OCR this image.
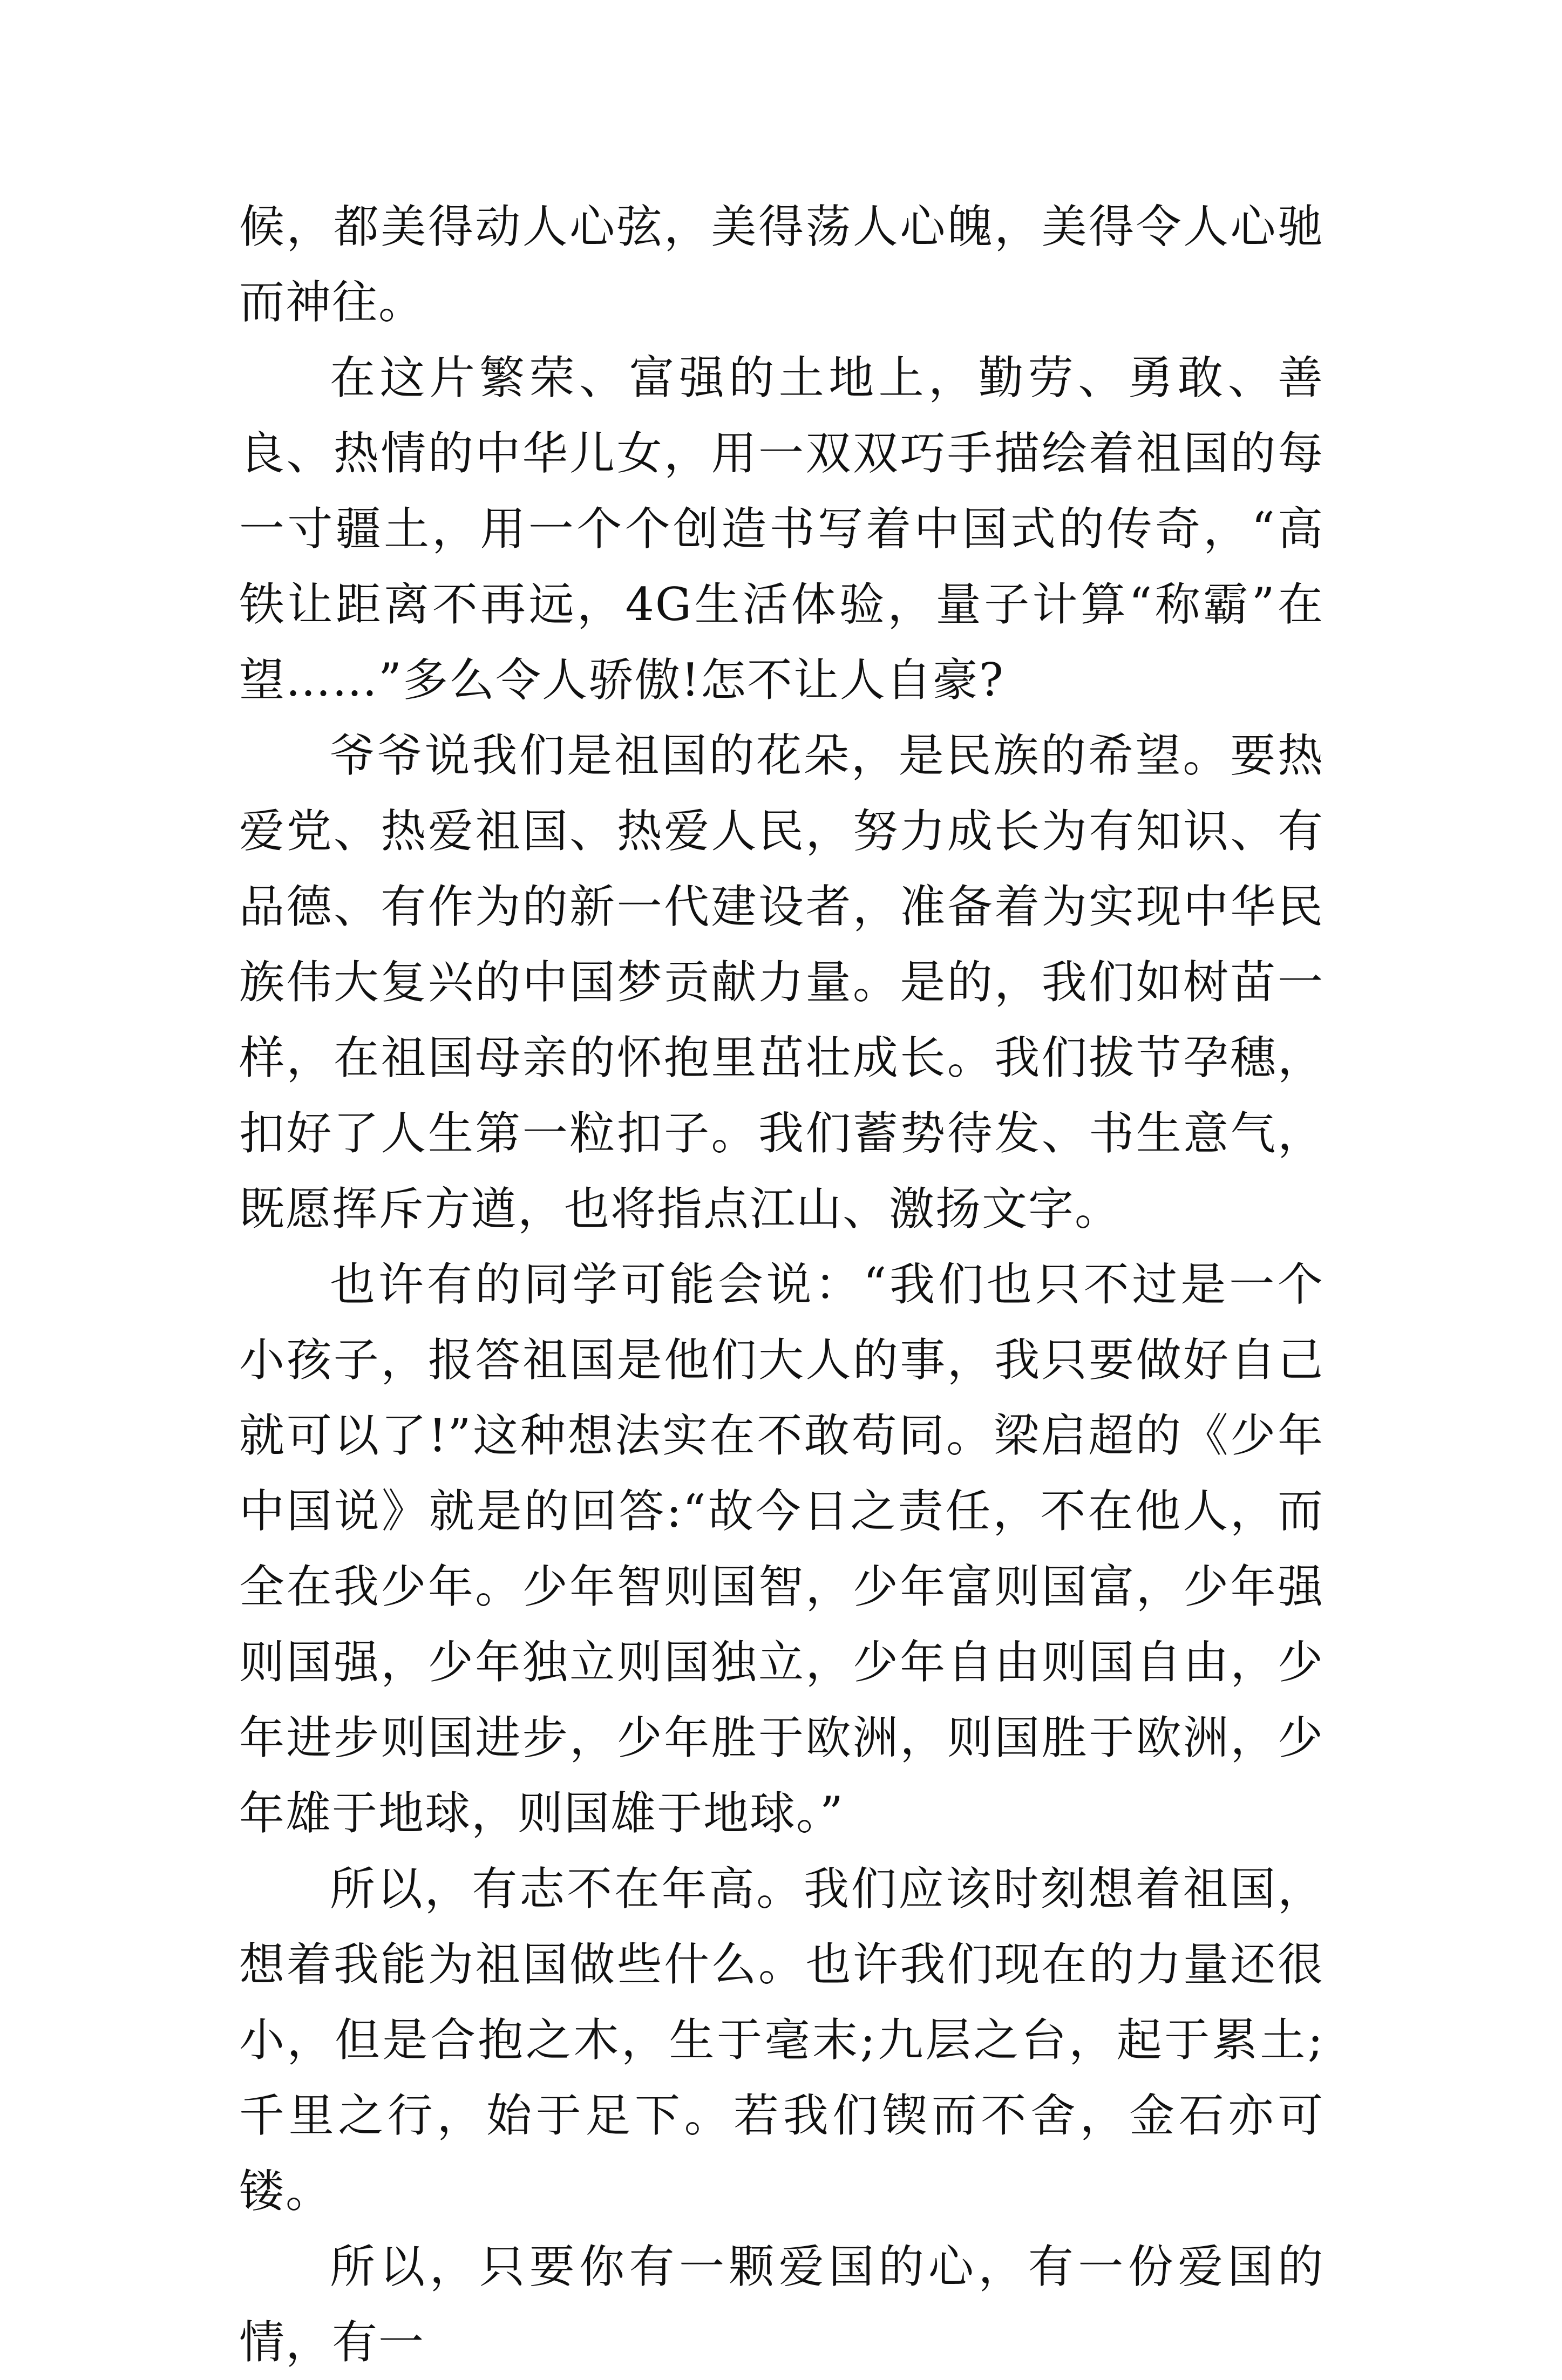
候，都美得动人心弦，美得荡人心魄，美得令人心驰而神往。

在这片繁荣、富强的土地上，勤劳、勇敢、善良、热情的中华儿女，用一双双巧手描绘着祖国的每一寸疆土，用一个个创造书写着中国式的传奇，“高铁让距离不再远，4G生活体验，量子计算“称霸”在望……”多么令人骄傲!怎不让人自豪?

爷爷说我们是祖国的花朵，是民族的希望。要热爱党、热爱祖国、热爱人民，努力成长为有知识、有品德、有作为的新一代建设者，准备着为实现中华民族伟大复兴的中国梦贡献力量。是的，我们如树苗一样，在祖国母亲的怀抱里茁壮成长。我们拔节孕穗，扣好了人生第一粒扣子。我们蓄势待发、书生意气，既愿挥斥方遒，也将指点江山、激扬文字。

也许有的同学可能会说：“我们也只不过是一个小孩子，报答祖国是他们大人的事，我只要做好自己就可以了!”这种想法实在不敢苟同。梁启超的《少年中国说》就是的回答:“故今日之责任，不在他人，而全在我少年。少年智则国智，少年富则国富，少年强则国强，少年独立则国独立，少年自由则国自由，少年进步则国进步，少年胜于欧洲，则国胜于欧洲，少年雄于地球，则国雄于地球。”

所以，有志不在年高。我们应该时刻想着祖国，想着我能为祖国做些什么。也许我们现在的力量还很小，但是合抱之木，生于毫末;九层之台，起于累土;千里之行，始于足下。若我们锲而不舍，金石亦可镂。

所以，只要你有一颗爱国的心，有一份爱国的情，有一
